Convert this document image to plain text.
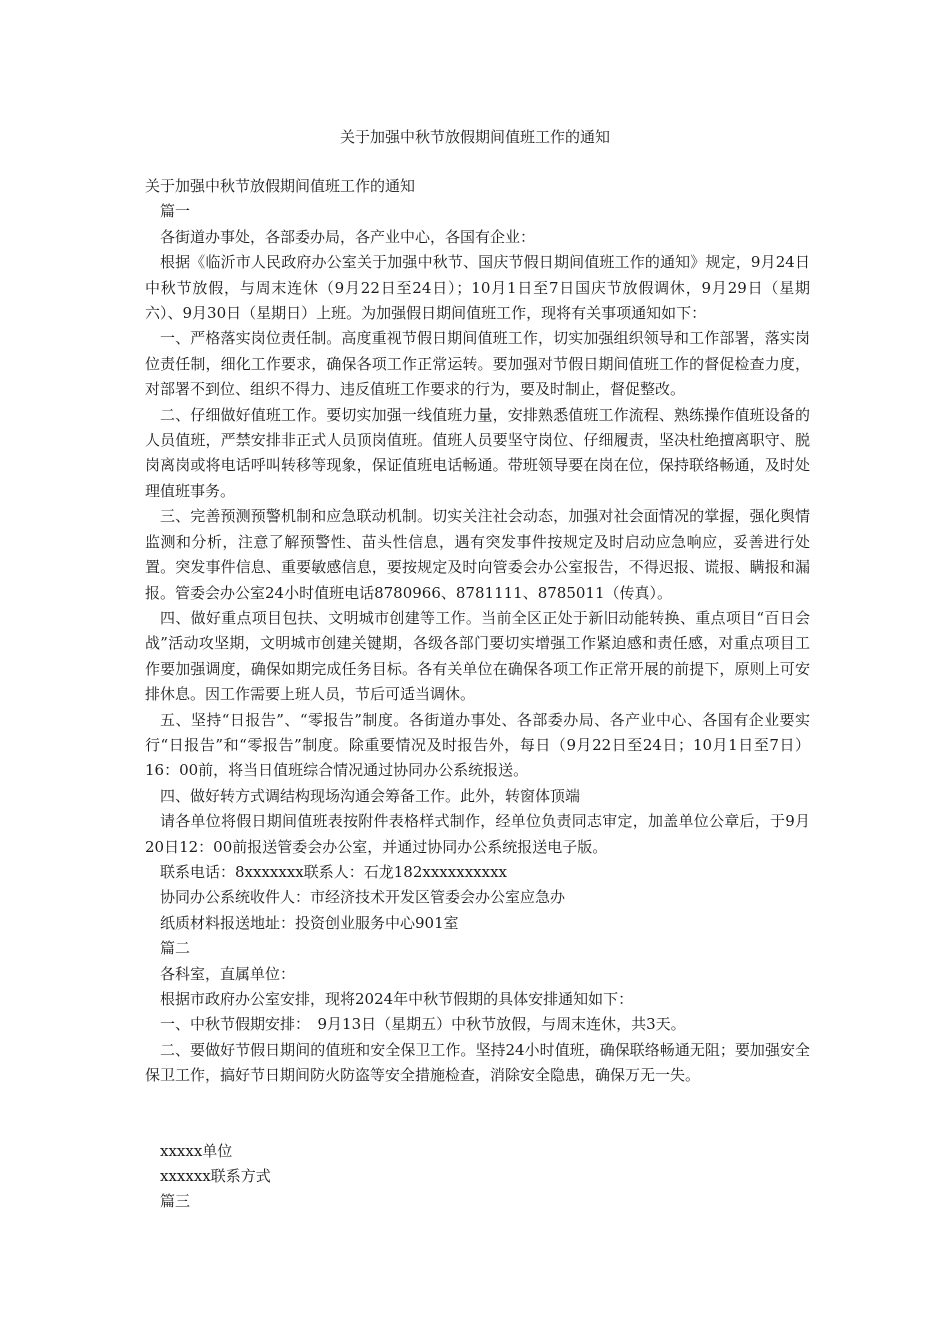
关于加强中秋节放假期间值班工作的通知

关于加强中秋节放假期间值班工作的通知

篇一

各街道办事处，各部委办局，各产业中心，各国有企业：

根据《临沂市人民政府办公室关于加强中秋节、国庆节假日期间值班工作的通知》规定，9月24日中秋节放假，与周末连休（9月22日至24日）；10月1日至7日国庆节放假调休，9月29日（星期六）、9月30日（星期日）上班。为加强假日期间值班工作，现将有关事项通知如下：

一、严格落实岗位责任制。高度重视节假日期间值班工作，切实加强组织领导和工作部署，落实岗位责任制，细化工作要求，确保各项工作正常运转。要加强对节假日期间值班工作的督促检查力度，对部署不到位、组织不得力、违反值班工作要求的行为，要及时制止，督促整改。

二、仔细做好值班工作。要切实加强一线值班力量，安排熟悉值班工作流程、熟练操作值班设备的人员值班，严禁安排非正式人员顶岗值班。值班人员要坚守岗位、仔细履责，坚决杜绝擅离职守、脱岗离岗或将电话呼叫转移等现象，保证值班电话畅通。带班领导要在岗在位，保持联络畅通，及时处理值班事务。

三、完善预测预警机制和应急联动机制。切实关注社会动态，加强对社会面情况的掌握，强化舆情监测和分析，注意了解预警性、苗头性信息，遇有突发事件按规定及时启动应急响应，妥善进行处置。突发事件信息、重要敏感信息，要按规定及时向管委会办公室报告，不得迟报、谎报、瞒报和漏报。管委会办公室24小时值班电话8780966、8781111、8785011（传真）。

四、做好重点项目包扶、文明城市创建等工作。当前全区正处于新旧动能转换、重点项目“百日会战”活动攻坚期，文明城市创建关键期，各级各部门要切实增强工作紧迫感和责任感，对重点项目工作要加强调度，确保如期完成任务目标。各有关单位在确保各项工作正常开展的前提下，原则上可安排休息。因工作需要上班人员，节后可适当调休。

五、坚持“日报告”、“零报告”制度。各街道办事处、各部委办局、各产业中心、各国有企业要实行“日报告”和“零报告”制度。除重要情况及时报告外，每日（9月22日至24日；10月1日至7日）16：00前，将当日值班综合情况通过协同办公系统报送。

四、做好转方式调结构现场沟通会筹备工作。此外，转窗体顶端

请各单位将假日期间值班表按附件表格样式制作，经单位负责同志审定，加盖单位公章后，于9月20日12：00前报送管委会办公室，并通过协同办公系统报送电子版。

联系电话：8xxxxxxx联系人：石龙182xxxxxxxxxx

协同办公系统收件人：市经济技术开发区管委会办公室应急办

纸质材料报送地址：投资创业服务中心901室

篇二

各科室，直属单位：

根据市政府办公室安排，现将2024年中秋节假期的具体安排通知如下：

一、中秋节假期安排：　9月13日（星期五）中秋节放假，与周末连休，共3天。

二、要做好节假日期间的值班和安全保卫工作。坚持24小时值班，确保联络畅通无阻；要加强安全保卫工作，搞好节日期间防火防盗等安全措施检查，消除安全隐患，确保万无一失。

xxxxx单位

xxxxxx联系方式

篇三
